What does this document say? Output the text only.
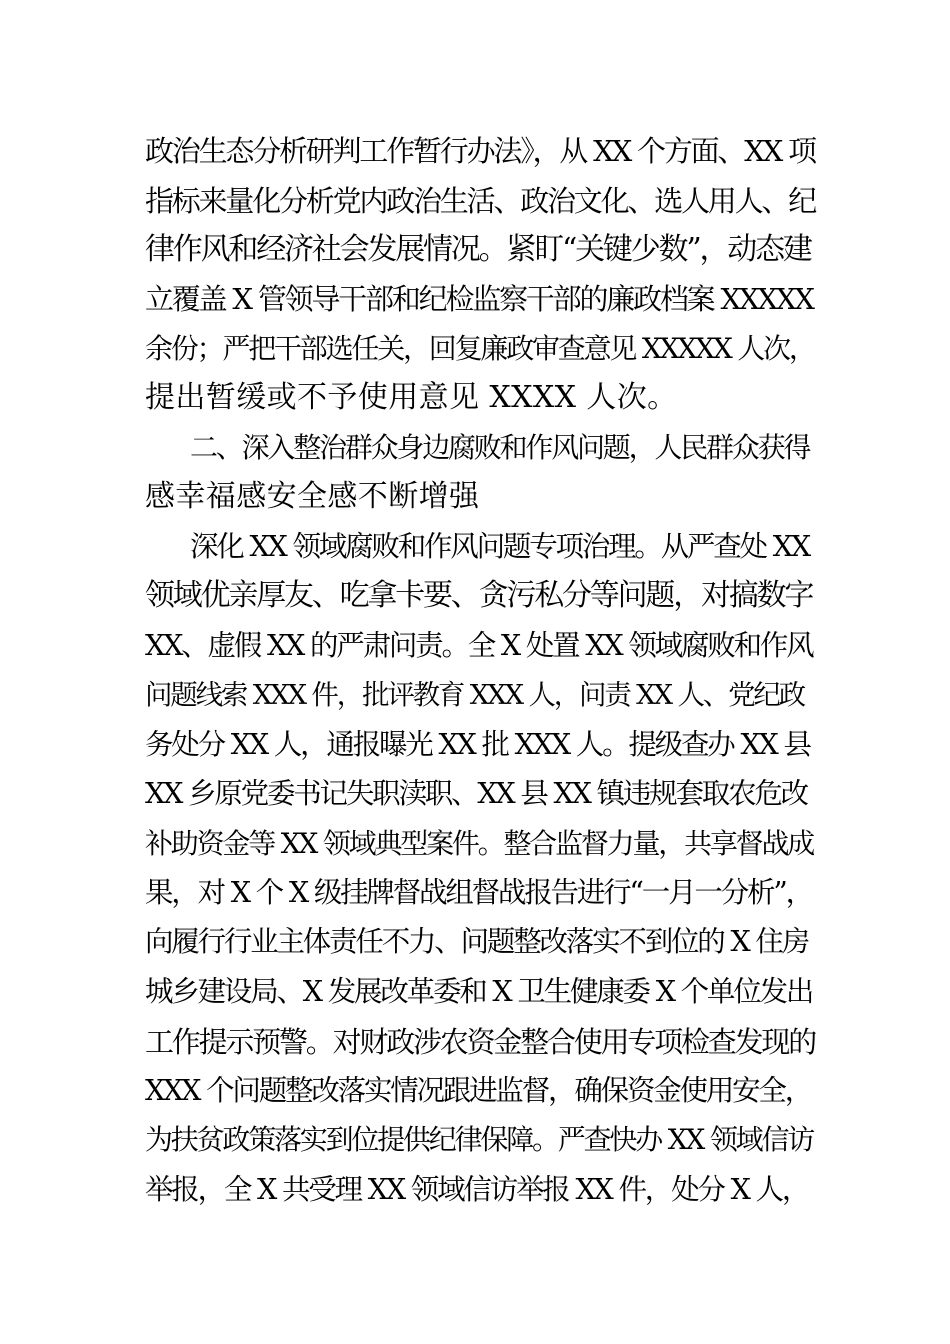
政治生态分析研判工作暂行办法》，从 XX 个方面、XX 项
指标来量化分析党内政治生活、政治文化、选人用人、纪
律作风和经济社会发展情况。紧盯“关键少数”，动态建
立覆盖 X 管领导干部和纪检监察干部的廉政档案 XXXXX
余份；严把干部选任关，回复廉政审查意见 XXXXX 人次，
提出暂缓或不予使用意见 XXXX 人次。
二、深入整治群众身边腐败和作风问题，人民群众获得
感幸福感安全感不断增强
深化 XX 领域腐败和作风问题专项治理。从严查处 XX
领域优亲厚友、吃拿卡要、贪污私分等问题，对搞数字
XX、虚假 XX 的严肃问责。全 X 处置 XX 领域腐败和作风
问题线索 XXX 件，批评教育 XXX 人，问责 XX 人、党纪政
务处分 XX 人，通报曝光 XX 批 XXX 人。提级查办 XX 县
XX 乡原党委书记失职渎职、XX 县 XX 镇违规套取农危改
补助资金等 XX 领域典型案件。整合监督力量，共享督战成
果，对 X 个 X 级挂牌督战组督战报告进行“一月一分析”，
向履行行业主体责任不力、问题整改落实不到位的 X 住房
城乡建设局、X 发展改革委和 X 卫生健康委 X 个单位发出
工作提示预警。对财政涉农资金整合使用专项检查发现的
XXX 个问题整改落实情况跟进监督，确保资金使用安全，
为扶贫政策落实到位提供纪律保障。严查快办 XX 领域信访
举报，全 X 共受理 XX 领域信访举报 XX 件，处分 X 人，
